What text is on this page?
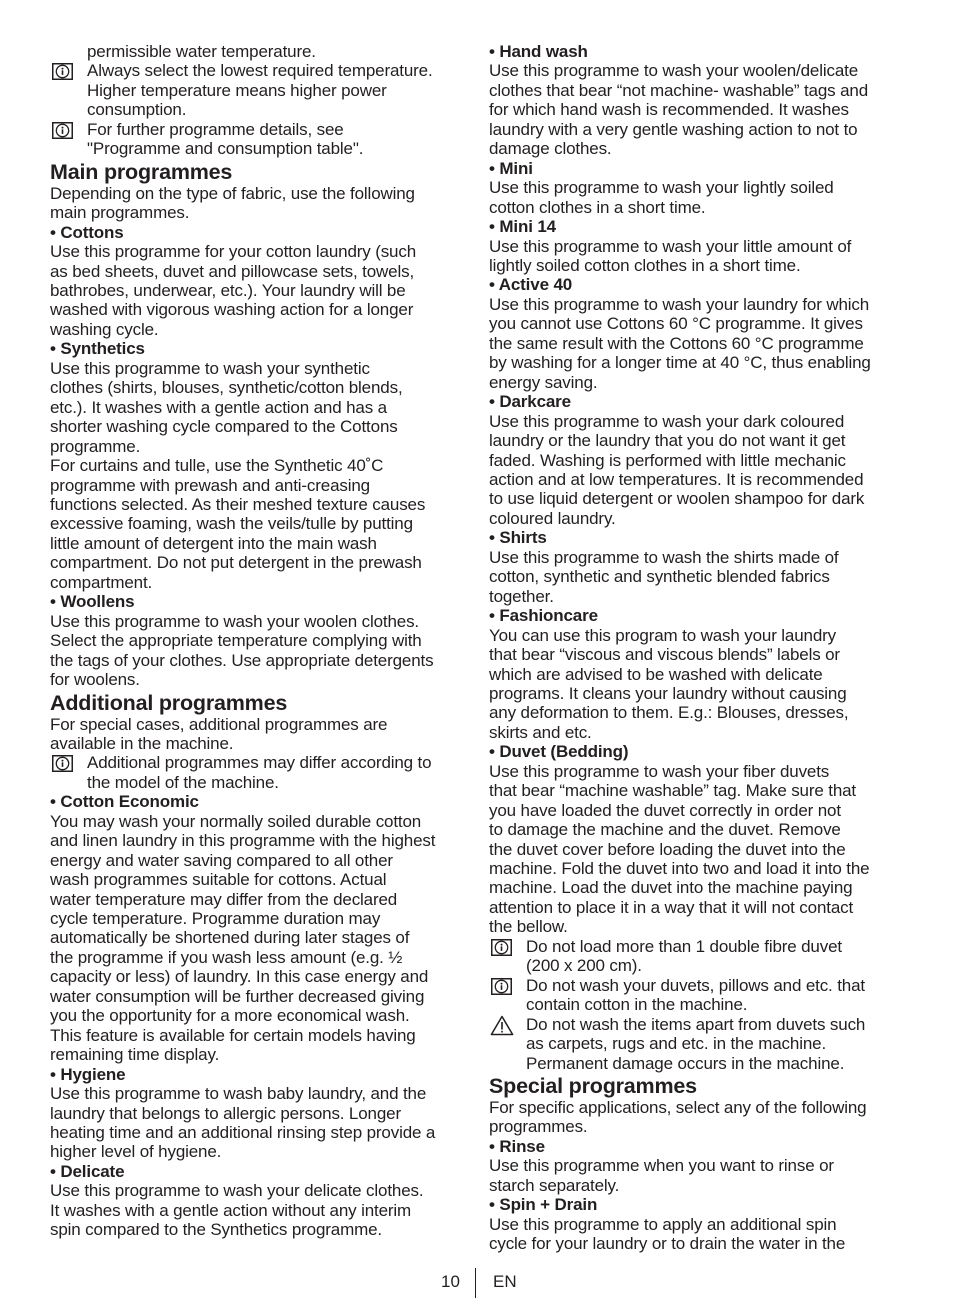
permissible water temperature.
Always select the lowest required temperature.
Higher temperature means higher power
consumption.
For further programme details, see
"Programme and consumption table".
Main programmes
Depending on the type of fabric, use the following
main programmes.
• Cottons
Use this programme for your cotton laundry (such
as bed sheets, duvet and pillowcase sets, towels,
bathrobes, underwear, etc.). Your laundry will be
washed with vigorous washing action for a longer
washing cycle.
• Synthetics
Use this programme to wash your synthetic
clothes (shirts, blouses, synthetic/cotton blends,
etc.). It washes with a gentle action and has a
shorter washing cycle compared to the Cottons
programme.
For curtains and tulle, use the Synthetic 40˚C
programme with prewash and anti-creasing
functions selected. As their meshed texture causes
excessive foaming, wash the veils/tulle by putting
little amount of detergent into the main wash
compartment. Do not put detergent in the prewash
compartment.
• Woollens
Use this programme to wash your woolen clothes.
Select the appropriate temperature complying with
the tags of your clothes. Use appropriate detergents
for woolens.
Additional programmes
For special cases, additional programmes are
available in the machine.
Additional programmes may differ according to
the model of the machine.
• Cotton Economic
You may wash your normally soiled durable cotton
and linen laundry in this programme with the highest
energy and water saving compared to all other
wash programmes suitable for cottons. Actual
water temperature may differ from the declared
cycle temperature. Programme duration may
automatically be shortened during later stages of
the programme if you wash less amount (e.g. ½
capacity or less) of laundry. In this case energy and
water consumption will be further decreased giving
you the opportunity for a more economical wash.
This feature is available for certain models having
remaining time display.
• Hygiene
Use this programme to wash baby laundry, and the
laundry that belongs to allergic persons. Longer
heating time and an additional rinsing step provide a
higher level of hygiene.
• Delicate
Use this programme to wash your delicate clothes.
It washes with a gentle action without any interim
spin compared to the Synthetics programme.
• Hand wash
Use this programme to wash your woolen/delicate
clothes that bear “not machine- washable” tags and
for which hand wash is recommended. It washes
laundry with a very gentle washing action to not to
damage clothes.
• Mini
Use this programme to wash your lightly soiled
cotton clothes in a short time.
• Mini 14
Use this programme to wash your little amount of
lightly soiled cotton clothes in a short time.
• Active 40
Use this programme to wash your laundry for which
you cannot use Cottons 60 °C programme. It gives
the same result with the Cottons 60 °C programme
by washing for a longer time at 40 °C, thus enabling
energy saving.
• Darkcare
Use this programme to wash your dark coloured
laundry or the laundry that you do not want it get
faded. Washing is performed with little mechanic
action and at low temperatures. It is recommended
to use liquid detergent or woolen shampoo for dark
coloured laundry.
• Shirts
Use this programme to wash the shirts made of
cotton, synthetic and synthetic blended fabrics
together.
• Fashioncare
You can use this program to wash your laundry
that bear “viscous and viscous blends” labels or
which are advised to be washed with delicate
programs. It cleans your laundry without causing
any deformation to them. E.g.: Blouses, dresses,
skirts and etc.
• Duvet (Bedding)
Use this programme to wash your fiber duvets
that bear “machine washable” tag. Make sure that
you have loaded the duvet correctly in order not
to damage the machine and the duvet. Remove
the duvet cover before loading the duvet into the
machine. Fold the duvet into two and load it into the
machine. Load the duvet into the machine paying
attention to place it in a way that it will not contact
the bellow.
Do not load more than 1 double fibre duvet
(200 x 200 cm).
Do not wash your duvets, pillows and etc. that
contain cotton in the machine.
Do not wash the items apart from duvets such
as carpets, rugs and etc. in the machine.
Permanent damage occurs in the machine.
Special programmes
For specific applications, select any of the following
programmes.
• Rinse
Use this programme when you want to rinse or
starch separately.
• Spin + Drain
Use this programme to apply an additional spin
cycle for your laundry or to drain the water in the
10 EN
